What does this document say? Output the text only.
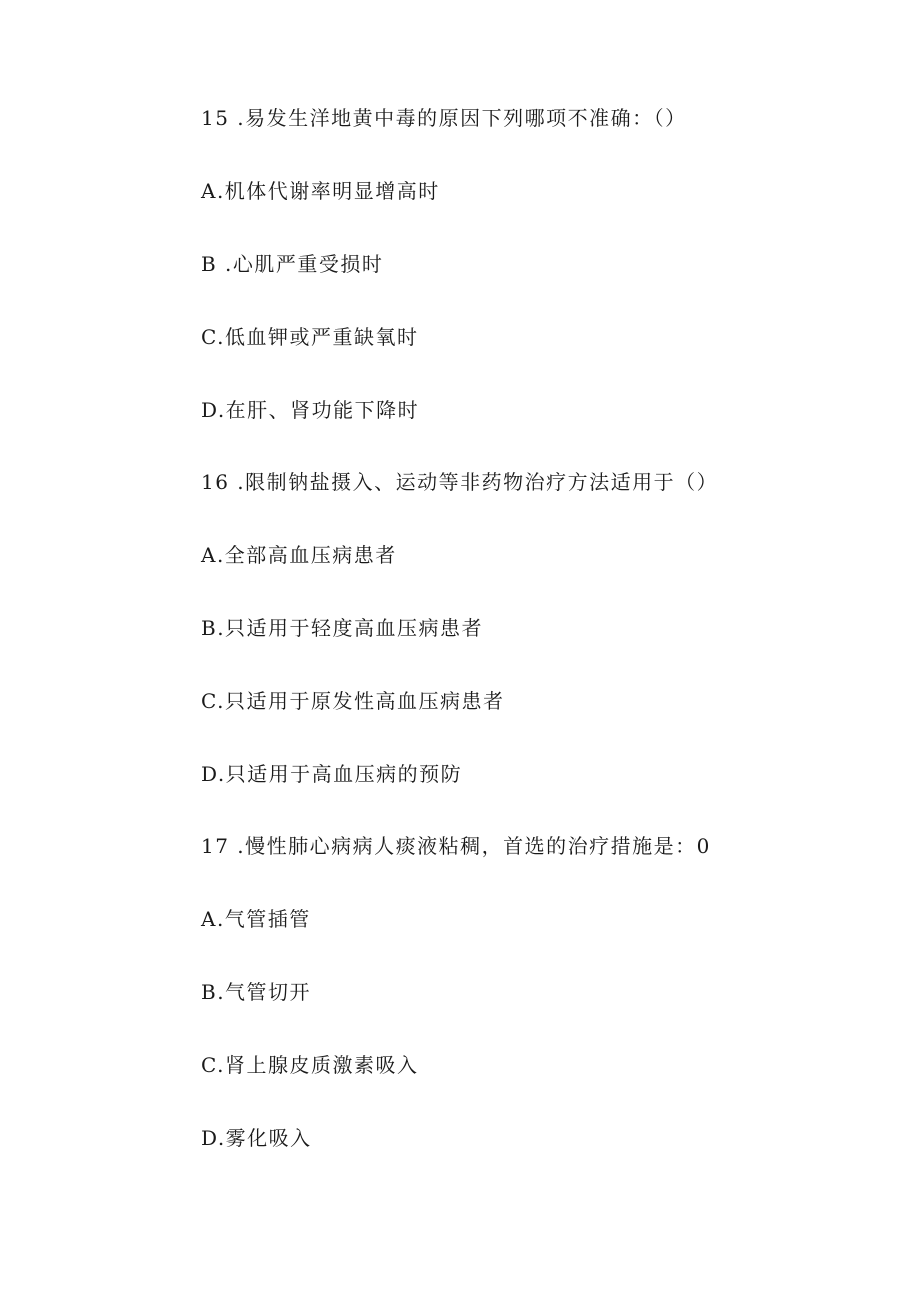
15 .易发生洋地黄中毒的原因下列哪项不准确：（）
A.机体代谢率明显增高时
B .心肌严重受损时
C.低血钾或严重缺氧时
D.在肝、肾功能下降时
16 .限制钠盐摄入、运动等非药物治疗方法适用于（）
A.全部高血压病患者
B.只适用于轻度高血压病患者
C.只适用于原发性高血压病患者
D.只适用于高血压病的预防
17 .慢性肺心病病人痰液粘稠，首选的治疗措施是：0
A.气管插管
B.气管切开
C.肾上腺皮质激素吸入
D.雾化吸入
